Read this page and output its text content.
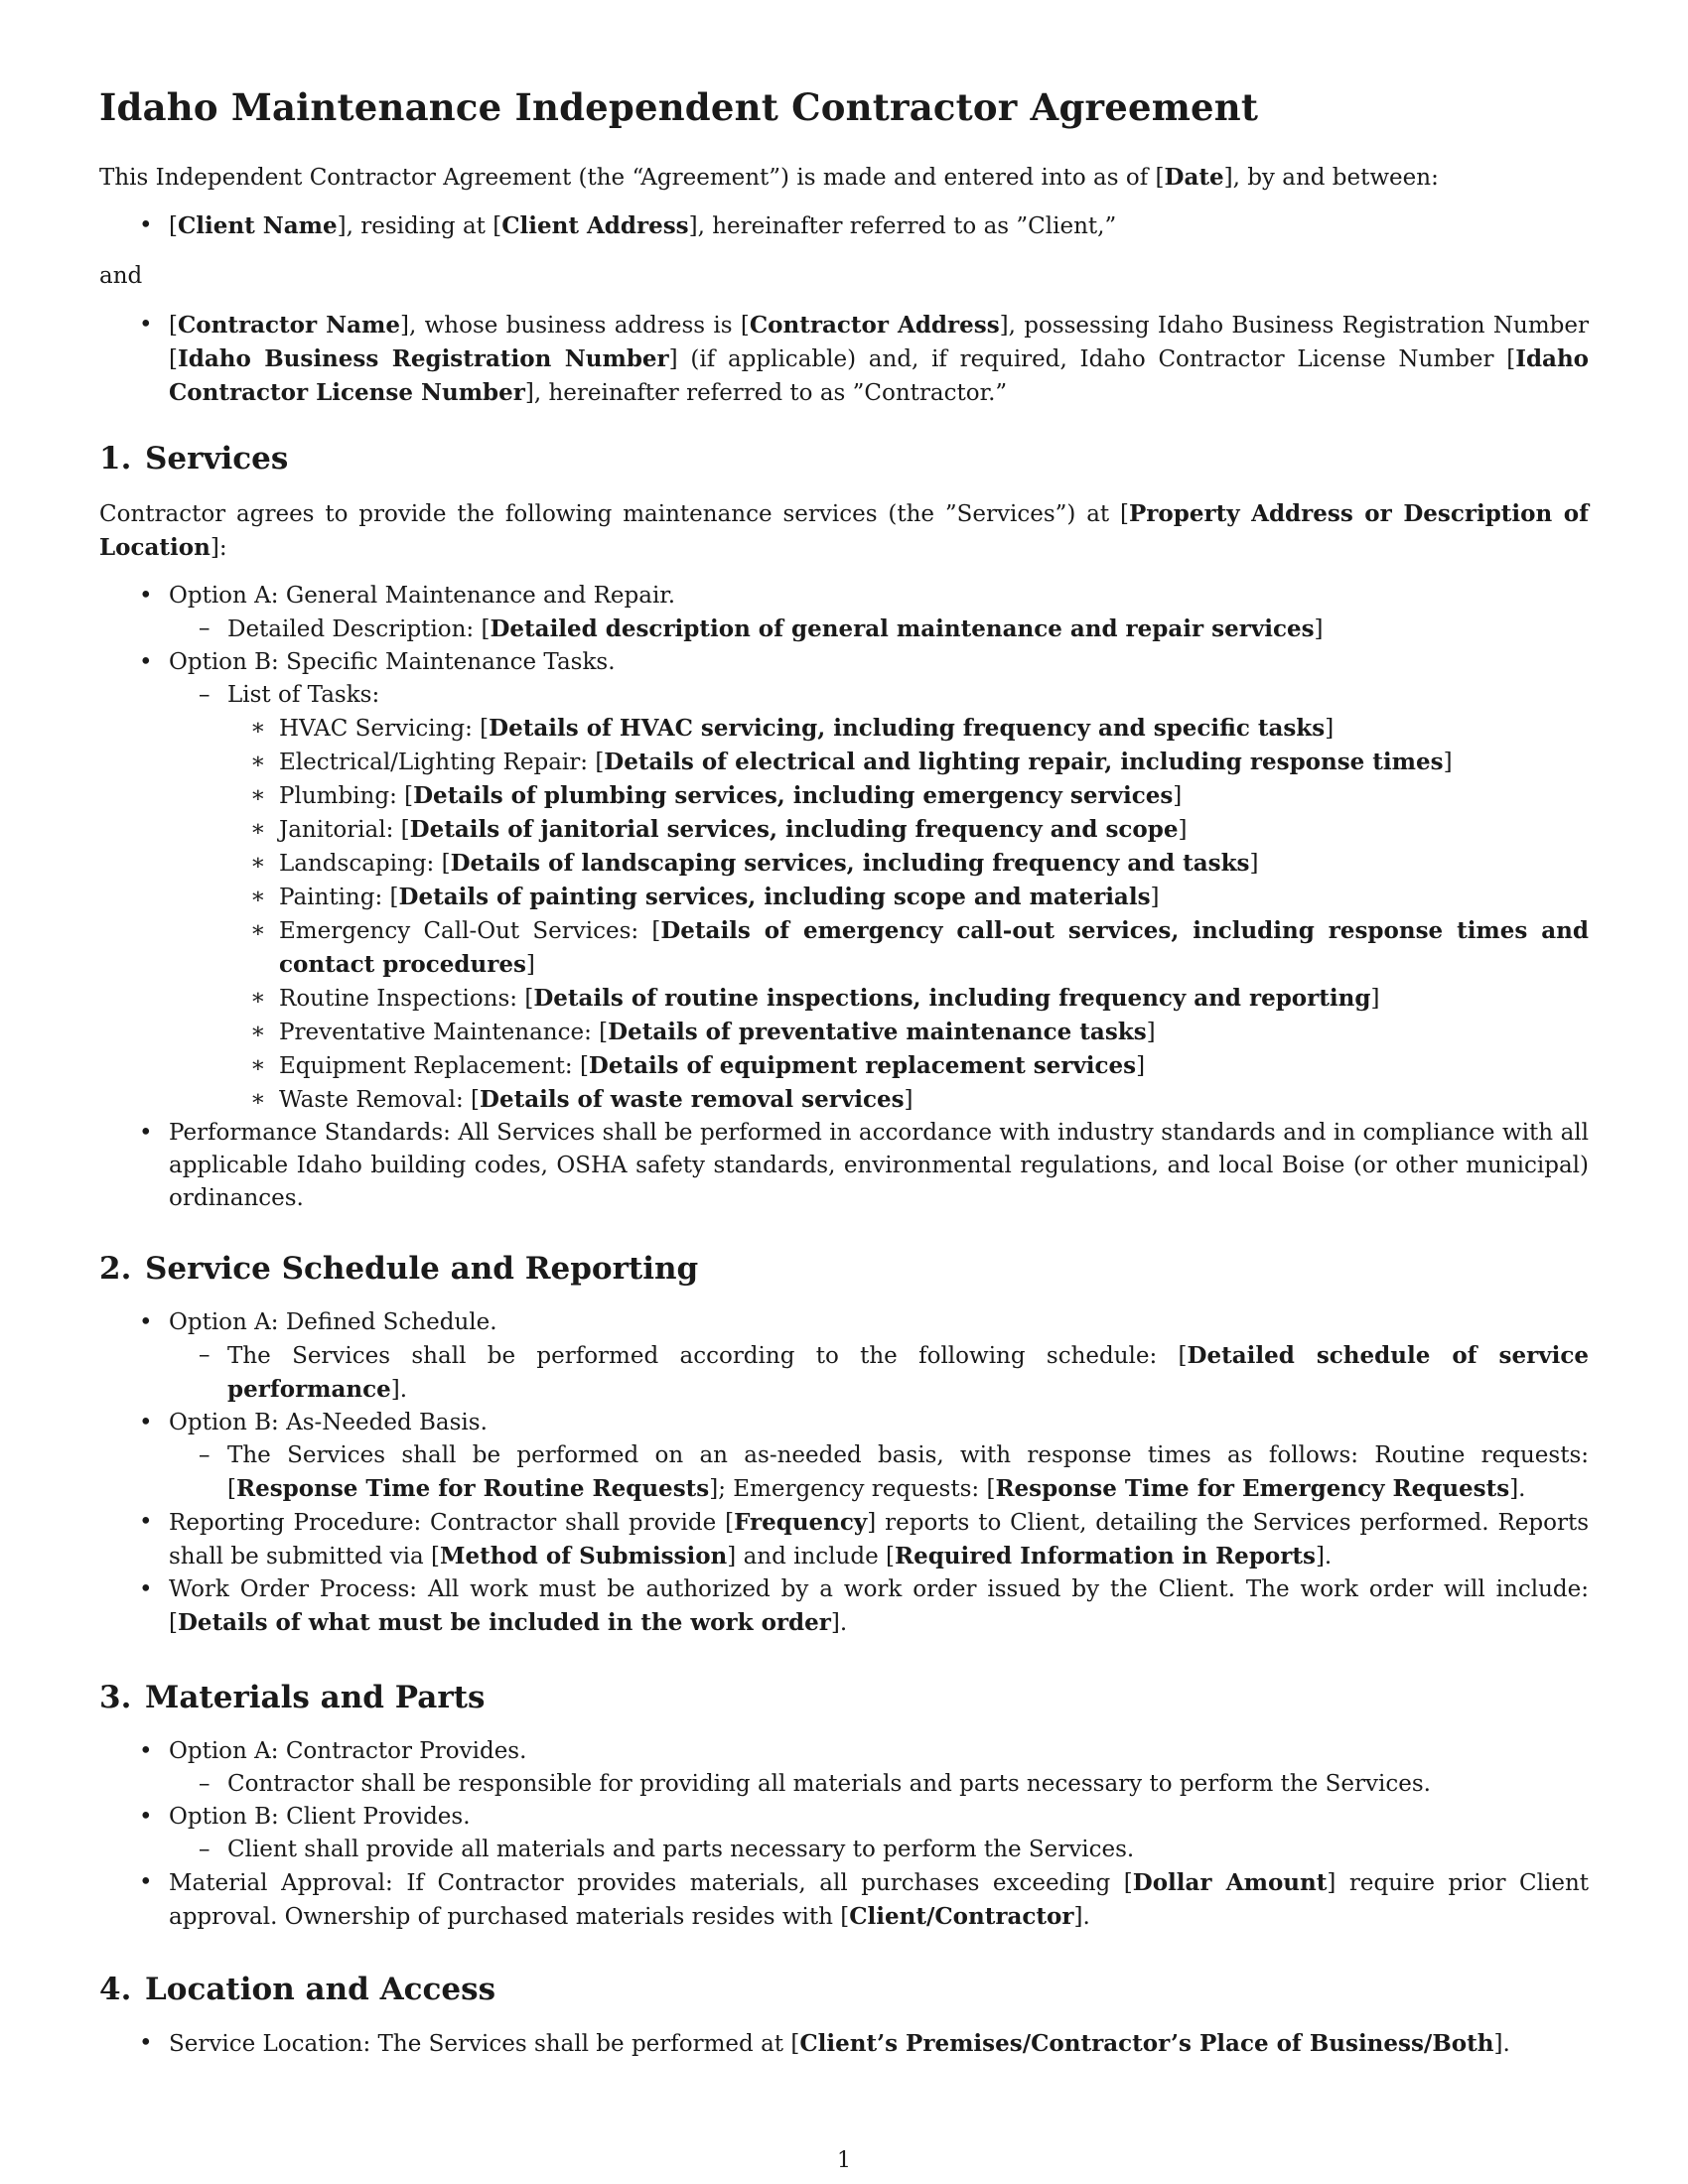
Idaho Maintenance Independent Contractor Agreement

This Independent Contractor Agreement (the “Agreement”) is made and entered into as of [Date], by and between:

• [Client Name], residing at [Client Address], hereinafter referred to as ”Client,”

and

• [Contractor Name], whose business address is [Contractor Address], possessing Idaho Business Registration Number [Idaho Business Registration Number] (if applicable) and, if required, Idaho Contractor License Number [Idaho Contractor License Number], hereinafter referred to as ”Contractor.”
1. Services

Contractor agrees to provide the following maintenance services (the ”Services”) at [Property Address or Description of Location]:

• Option A: General Maintenance and Repair.
– Detailed Description: [Detailed description of general maintenance and repair services]
• Option B: Specific Maintenance Tasks.
– List of Tasks:
∗ HVAC Servicing: [Details of HVAC servicing, including frequency and specific tasks]
∗ Electrical/Lighting Repair: [Details of electrical and lighting repair, including response times]
∗ Plumbing: [Details of plumbing services, including emergency services]
∗ Janitorial: [Details of janitorial services, including frequency and scope]
∗ Landscaping: [Details of landscaping services, including frequency and tasks]
∗ Painting: [Details of painting services, including scope and materials]
∗ Emergency Call-Out Services: [Details of emergency call-out services, including response times and contact procedures]
∗ Routine Inspections: [Details of routine inspections, including frequency and reporting]
∗ Preventative Maintenance: [Details of preventative maintenance tasks]
∗ Equipment Replacement: [Details of equipment replacement services]
∗ Waste Removal: [Details of waste removal services]
• Performance Standards: All Services shall be performed in accordance with industry standards and in compliance with all applicable Idaho building codes, OSHA safety standards, environmental regulations, and local Boise (or other municipal) ordinances.
2. Service Schedule and Reporting
• Option A: Defined Schedule.
– The Services shall be performed according to the following schedule: [Detailed schedule of service performance].
• Option B: As-Needed Basis.
– The Services shall be performed on an as-needed basis, with response times as follows: Routine requests: [Response Time for Routine Requests]; Emergency requests: [Response Time for Emergency Requests].
• Reporting Procedure: Contractor shall provide [Frequency] reports to Client, detailing the Services performed. Reports shall be submitted via [Method of Submission] and include [Required Information in Reports].
• Work Order Process: All work must be authorized by a work order issued by the Client. The work order will include: [Details of what must be included in the work order].
3. Materials and Parts
• Option A: Contractor Provides.
– Contractor shall be responsible for providing all materials and parts necessary to perform the Services.
• Option B: Client Provides.
– Client shall provide all materials and parts necessary to perform the Services.
• Material Approval: If Contractor provides materials, all purchases exceeding [Dollar Amount] require prior Client approval. Ownership of purchased materials resides with [Client/Contractor].
4. Location and Access
• Service Location: The Services shall be performed at [Client’s Premises/Contractor’s Place of Business/Both].

1
